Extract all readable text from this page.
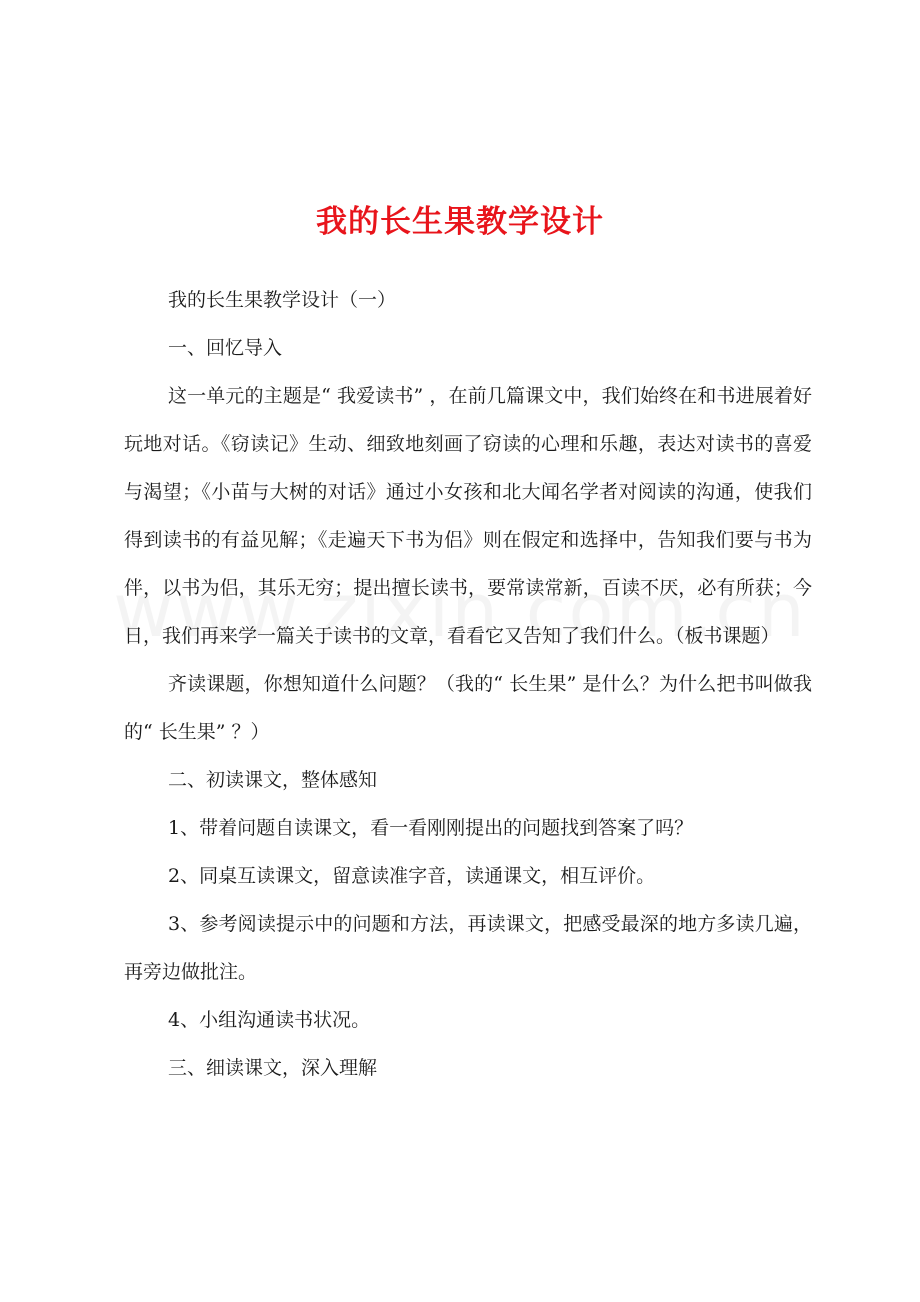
我的长生果教学设计

我的长生果教学设计（一）

一、回忆导入

这一单元的主题是“ 我爱读书” ，在前几篇课文中，我们始终在和书进展着好玩地对话。《窃读记》生动、细致地刻画了窃读的心理和乐趣，表达对读书的喜爱与渴望；《小苗与大树的对话》通过小女孩和北大闻名学者对阅读的沟通，使我们得到读书的有益见解；《走遍天下书为侣》则在假定和选择中，告知我们要与书为伴，以书为侣，其乐无穷；提出擅长读书，要常读常新，百读不厌，必有所获；今日，我们再来学一篇关于读书的文章，看看它又告知了我们什么。（板书课题）

齐读课题，你想知道什么问题？（我的“ 长生果” 是什么？为什么把书叫做我的“ 长生果” ？）

二、初读课文，整体感知

1、带着问题自读课文，看一看刚刚提出的问题找到答案了吗？

2、同桌互读课文，留意读准字音，读通课文，相互评价。

3、参考阅读提示中的问题和方法，再读课文，把感受最深的地方多读几遍，再旁边做批注。

4、小组沟通读书状况。

三、细读课文，深入理解
